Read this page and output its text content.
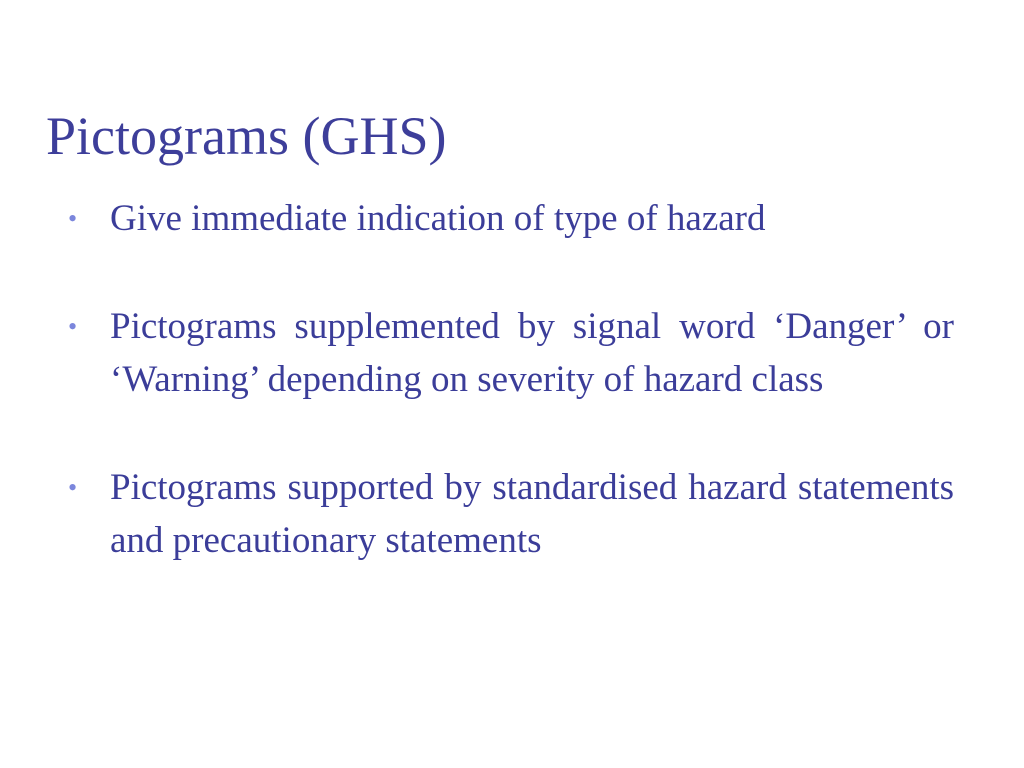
Pictograms (GHS)
• Give immediate indication of type of hazard
• Pictograms supplemented by signal word ‘Danger’ or ‘Warning’ depending on severity of hazard class
• Pictograms supported by standardised hazard statements and precautionary statements
